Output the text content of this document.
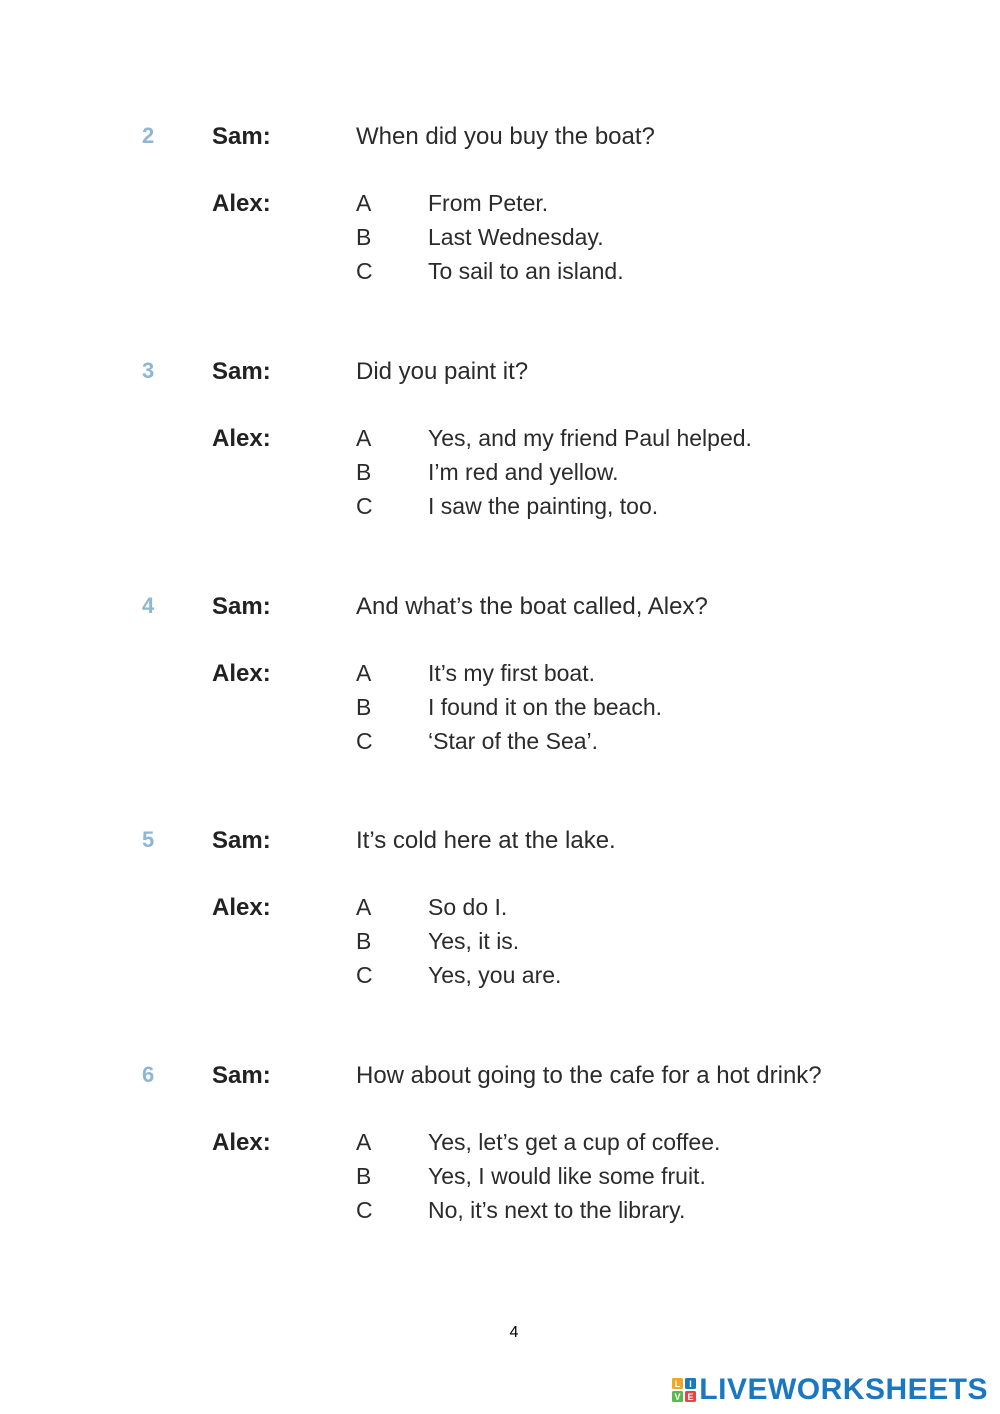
2 Sam:	When did you buy the boat?
Alex:	A From Peter.
B Last Wednesday.
C To sail to an island.
3 Sam:	Did you paint it?
Alex:	A Yes, and my friend Paul helped.
B I’m red and yellow.
C I saw the painting, too.
4 Sam:	And what’s the boat called, Alex?
Alex:	A It’s my first boat.
B I found it on the beach.
C ‘Star of the Sea’.
5 Sam:	It’s cold here at the lake.
Alex:	A So do I.
B Yes, it is.
C Yes, you are.
6 Sam:	How about going to the cafe for a hot drink?
Alex:	A Yes, let’s get a cup of coffee.
B Yes, I would like some fruit.
C No, it’s next to the library.
4
L I
V E LIVEWORKSHEETS
